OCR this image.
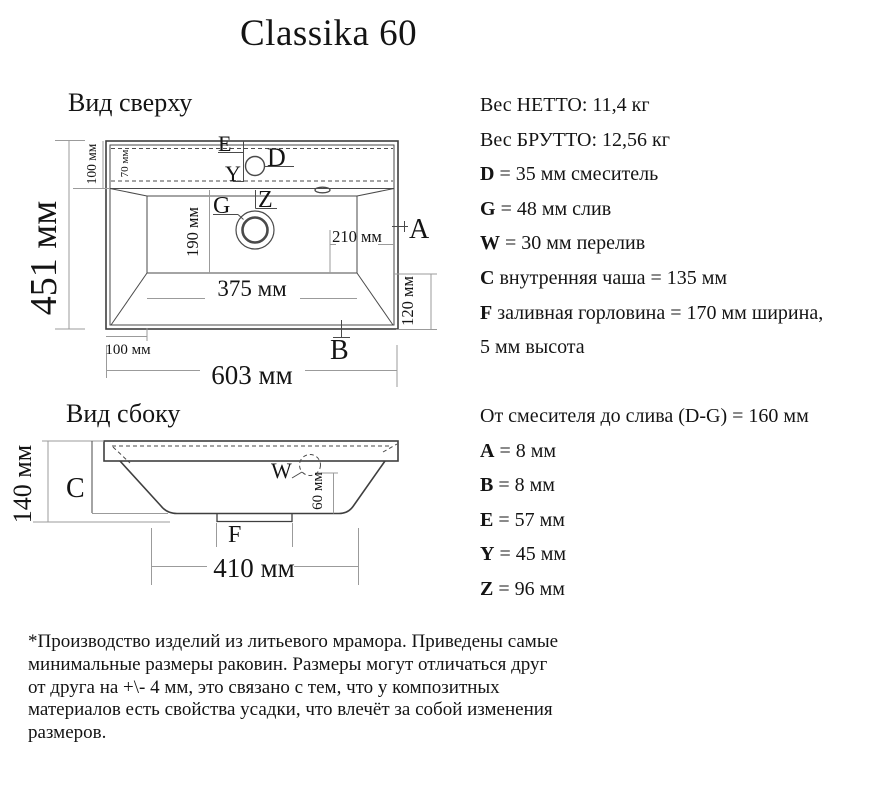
Classika 60
Вид сверху
E D
Y
G Z
A
B
451 мм
100 мм 70 мм
190 мм	210 мм
120 мм
100 мм
375 мм
603 мм
Вид сбоку
140 мм C
W
60 мм
F
410 мм
Вес НЕТТО: 11,4 кг
Вес БРУТТО: 12,56 кг
D = 35 мм смеситель
G = 48 мм слив
W = 30 мм перелив
C внутренняя чаша = 135 мм
F заливная горловина = 170 мм ширина,
5 мм высота
От смесителя до слива (D-G) = 160 мм
A = 8 мм
B = 8 мм
E = 57 мм
Y = 45 мм
Z = 96 мм
*Производство изделий из литьевого мрамора. Приведены самые
минимальные размеры раковин. Размеры могут отличаться друг
от друга на +\- 4 мм, это связано с тем, что у композитных
материалов есть свойства усадки, что влечёт за собой изменения
размеров.
